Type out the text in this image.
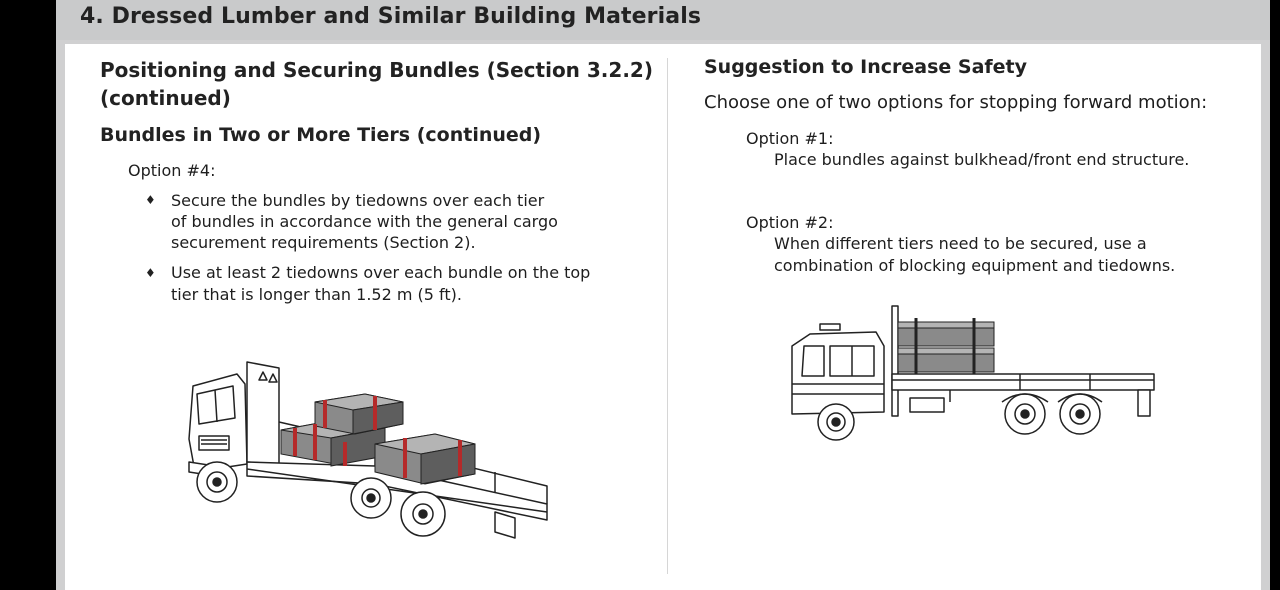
4. Dressed Lumber and Similar Building Materials
Positioning and Securing Bundles (Section 3.2.2)
(continued)
Bundles in Two or More Tiers (continued)
Option #4:
♦ Secure the bundles by tiedowns over each tier
of bundles in accordance with the general cargo
securement requirements (Section 2).
♦ Use at least 2 tiedowns over each bundle on the top
tier that is longer than 1.52 m (5 ft).
Suggestion to Increase Safety
Choose one of two options for stopping forward motion:
Option #1:
Place bundles against bulkhead/front end structure.
Option #2:
When different tiers need to be secured, use a
combination of blocking equipment and tiedowns.
